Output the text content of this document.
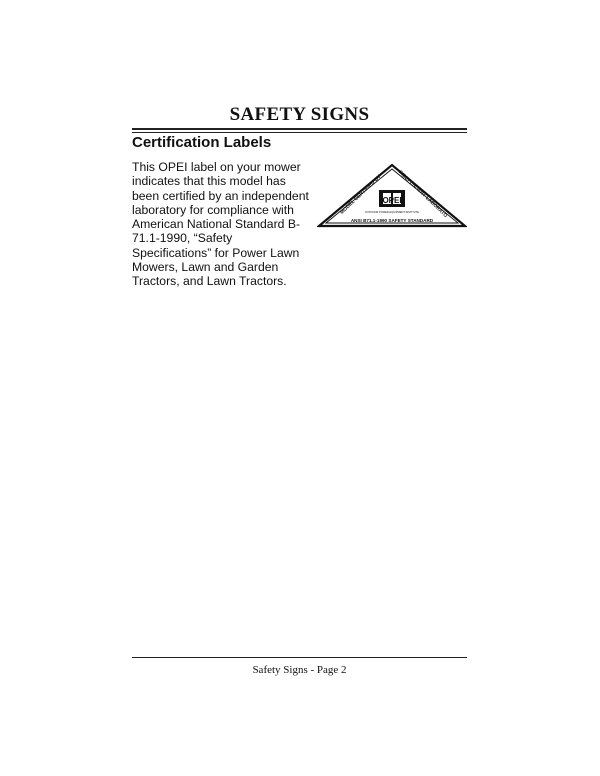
SAFETY SIGNS
Certification Labels

This OPEI label on your mower indicates that this model has been certified by an independent laboratory for compliance with American National Standard B-71.1-1990, “Safety Specifications” for Power Lawn Mowers, Lawn and Garden Tractors, and Lawn Tractors.

MODEL CERTIFIED BY
INDEPENDENT LABORATO
OPEI
OUTDOOR POWER EQUIPMENT INSTITUTE
ANSI B71.1-1990 SAFETY STANDARD

Safety Signs - Page 2
